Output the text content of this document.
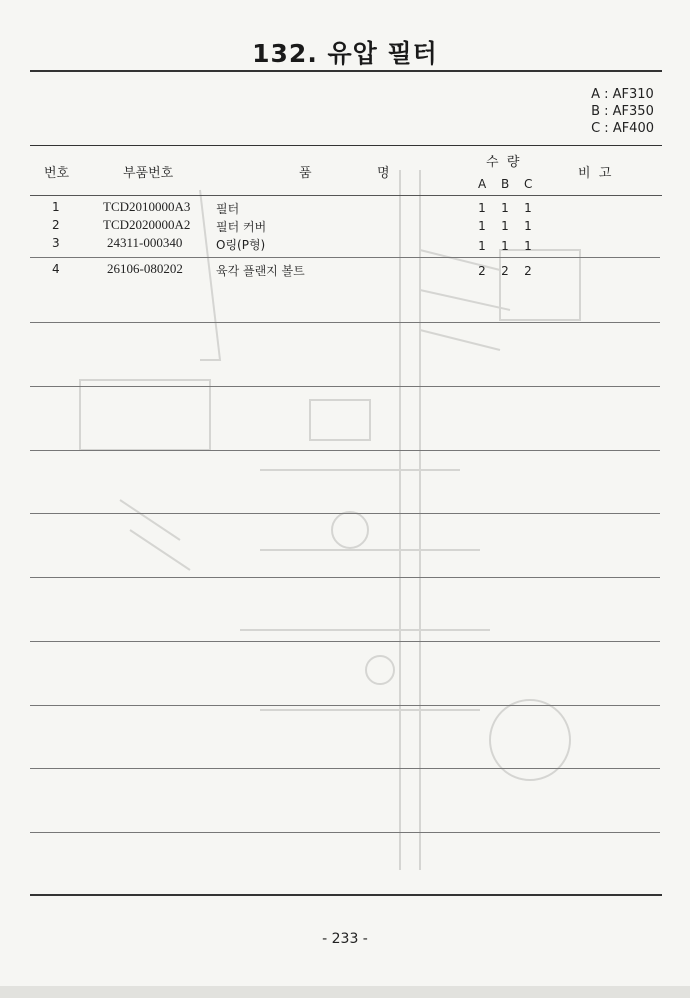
132. 유압 필터
A : AF310
B : AF350
C : AF400
번호	부품번호	품	명
수  량
A B C
비  고
1	TCD2010000A3 필터	1 1 1
2	TCD2020000A2 필터 커버	1 1 1
3	24311-000340	O링(P형)	1 1 1
4	26106-080202	육각 플랜지 볼트	2 2 2
- 233 -
